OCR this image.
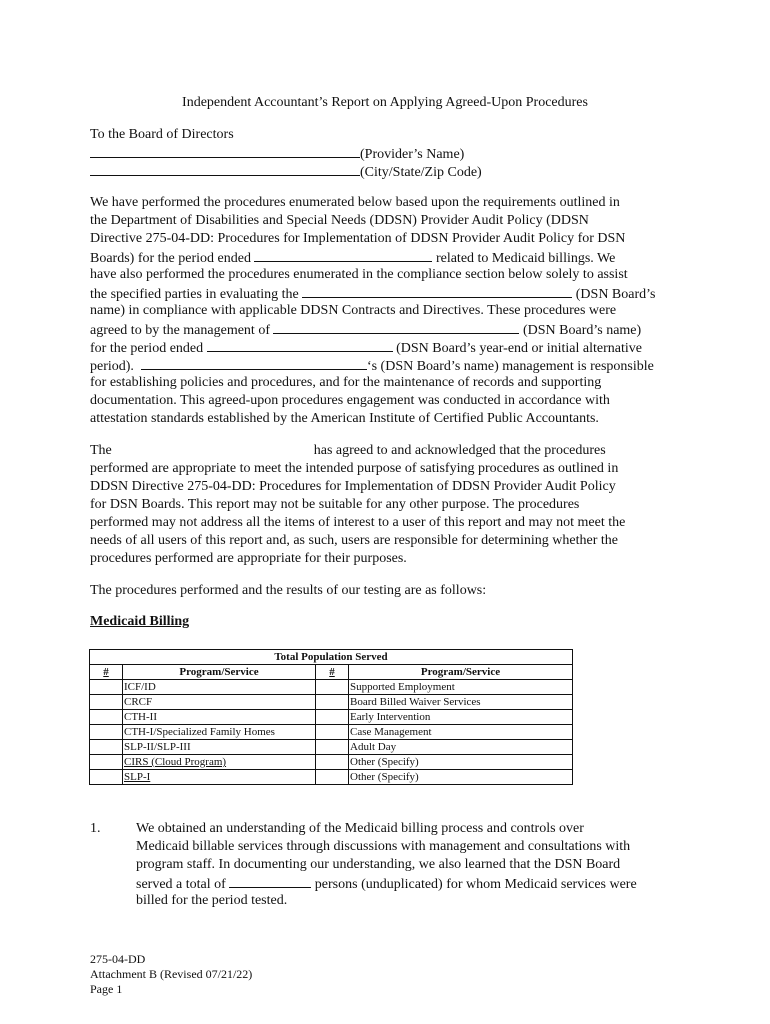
Independent Accountant’s Report on Applying Agreed-Upon Procedures
To the Board of Directors
(Provider’s Name)
(City/State/Zip Code)
We have performed the procedures enumerated below based upon the requirements outlined in
the Department of Disabilities and Special Needs (DDSN) Provider Audit Policy (DDSN
Directive 275-04-DD: Procedures for Implementation of DDSN Provider Audit Policy for DSN
Boards) for the period ended	related to Medicaid billings. We
have also performed the procedures enumerated in the compliance section below solely to assist
the specified parties in evaluating the	(DSN Board’s
name) in compliance with applicable DDSN Contracts and Directives. These procedures were
agreed to by the management of	(DSN Board’s name)
for the period ended	(DSN Board’s year-end or initial alternative
period).	‘s (DSN Board’s name) management is responsible
for establishing policies and procedures, and for the maintenance of records and supporting
documentation. This agreed-upon procedures engagement was conducted in accordance with
attestation standards established by the American Institute of Certified Public Accountants.
The	has agreed to and acknowledged that the procedures
performed are appropriate to meet the intended purpose of satisfying procedures as outlined in
DDSN Directive 275-04-DD: Procedures for Implementation of DDSN Provider Audit Policy
for DSN Boards. This report may not be suitable for any other purpose. The procedures
performed may not address all the items of interest to a user of this report and may not meet the
needs of all users of this report and, as such, users are responsible for determining whether the
procedures performed are appropriate for their purposes.
The procedures performed and the results of our testing are as follows:
Medicaid Billing
Total Population Served			
#	Program/Service	#	Program/Service
	ICF/ID		Supported Employment
	CRCF		Board Billed Waiver Services
	CTH-II		Early Intervention
	CTH-I/Specialized Family Homes		Case Management
	SLP-II/SLP-III		Adult Day
	CIRS (Cloud Program)		Other (Specify)
	SLP-I		Other (Specify)
1.	We obtained an understanding of the Medicaid billing process and controls over
Medicaid billable services through discussions with management and consultations with
program staff. In documenting our understanding, we also learned that the DSN Board
served a total of	persons (unduplicated) for whom Medicaid services were
billed for the period tested.
275-04-DD
Attachment B (Revised 07/21/22)
Page 1
